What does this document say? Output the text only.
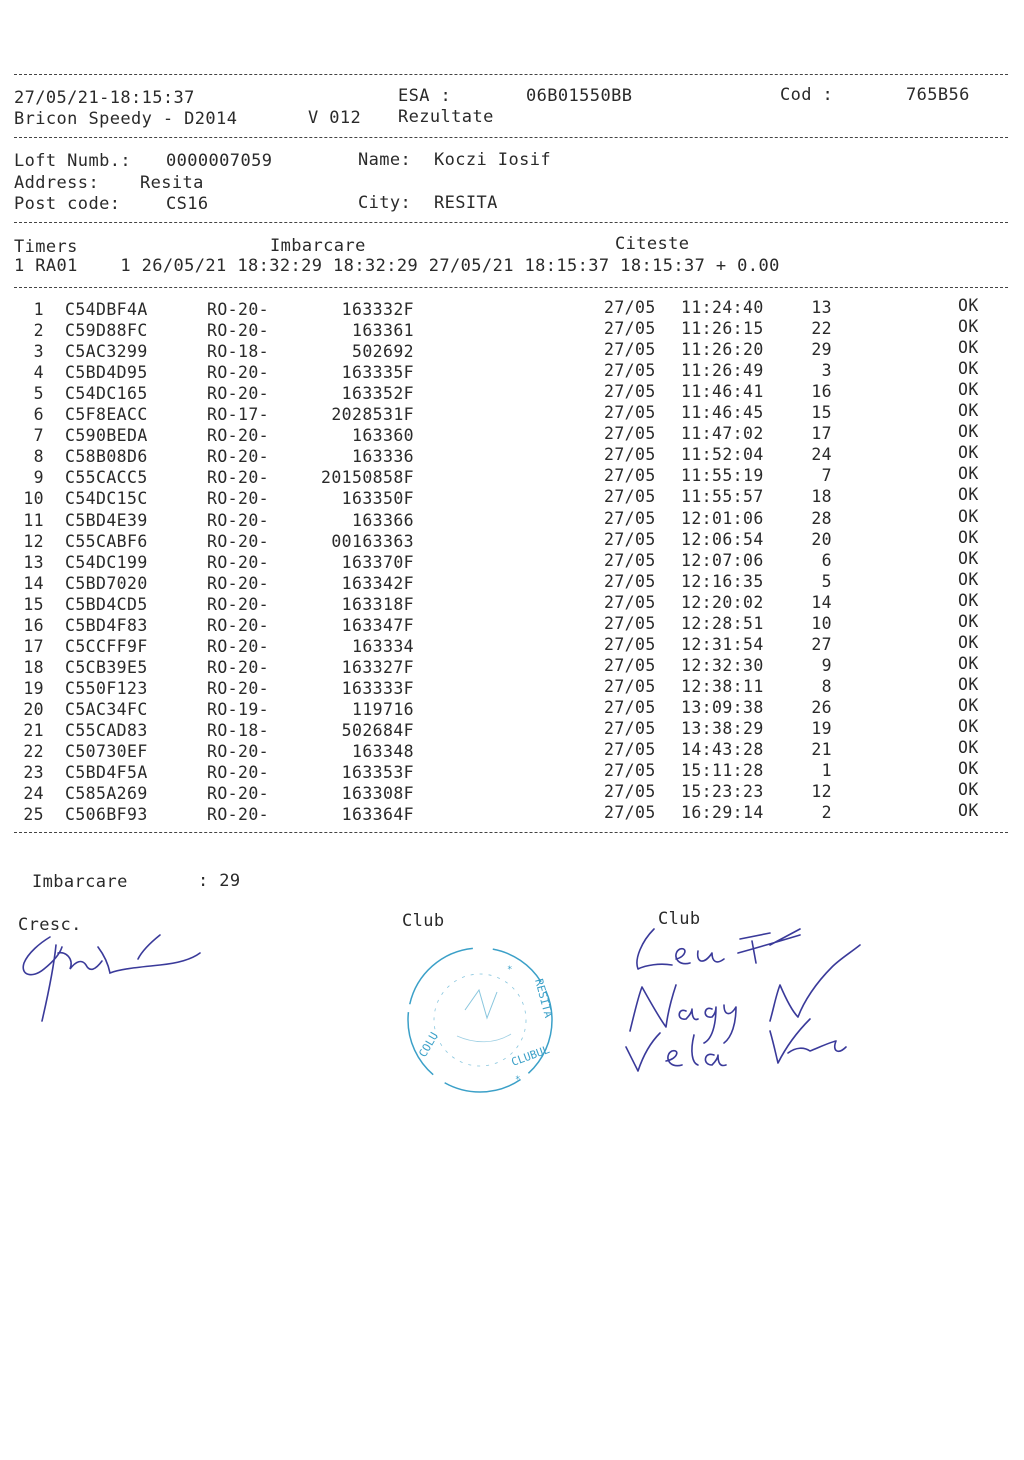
27/05/21-18:15:37	ESA :	06B01550BB	Cod :	765B56
Bricon Speedy - D2014	V 012 Rezultate
Loft Numb.: 0000007059	Name: Koczi Iosif
Address: Resita
Post code:	CS16	City: RESITA
Timers	Imbarcare	Citeste
1 RA01    1 26/05/21 18:32:29 18:32:29 27/05/21 18:15:37 18:15:37 + 0.00
1 C54DBF4A	RO-20-	163332F	27/05 11:24:40	13	OK
2 C59D88FC	RO-20-	163361	27/05 11:26:15	22	OK
3 C5AC3299	RO-18-	502692	27/05 11:26:20	29	OK
4 C5BD4D95	RO-20-	163335F	27/05 11:26:49	3	OK
5 C54DC165	RO-20-	163352F	27/05 11:46:41	16	OK
6 C5F8EACC	RO-17-	2028531F	27/05 11:46:45	15	OK
7 C590BEDA	RO-20-	163360	27/05 11:47:02	17	OK
8 C58B08D6	RO-20-	163336	27/05 11:52:04	24	OK
9 C55CACC5	RO-20-	20150858F	27/05 11:55:19	7	OK
10 C54DC15C	RO-20-	163350F	27/05 11:55:57	18	OK
11 C5BD4E39	RO-20-	163366	27/05 12:01:06	28	OK
12 C55CABF6	RO-20-	00163363	27/05 12:06:54	20	OK
13 C54DC199	RO-20-	163370F	27/05 12:07:06	6	OK
14 C5BD7020	RO-20-	163342F	27/05 12:16:35	5	OK
15 C5BD4CD5	RO-20-	163318F	27/05 12:20:02	14	OK
16 C5BD4F83	RO-20-	163347F	27/05 12:28:51	10	OK
17 C5CCFF9F	RO-20-	163334	27/05 12:31:54	27	OK
18 C5CB39E5	RO-20-	163327F	27/05 12:32:30	9	OK
19 C550F123	RO-20-	163333F	27/05 12:38:11	8	OK
20 C5AC34FC	RO-19-	119716	27/05 13:09:38	26	OK
21 C55CAD83	RO-18-	502684F	27/05 13:38:29	19	OK
22 C50730EF	RO-20-	163348	27/05 14:43:28	21	OK
23 C5BD4F5A	RO-20-	163353F	27/05 15:11:28	1	OK
24 C585A269	RO-20-	163308F	27/05 15:23:23	12	OK
25 C506BF93	RO-20-	163364F	27/05 16:29:14	2	OK
Imbarcare	: 29
Cresc.	Club	Club
COLU	CLUBUL
RESITA
*
*
